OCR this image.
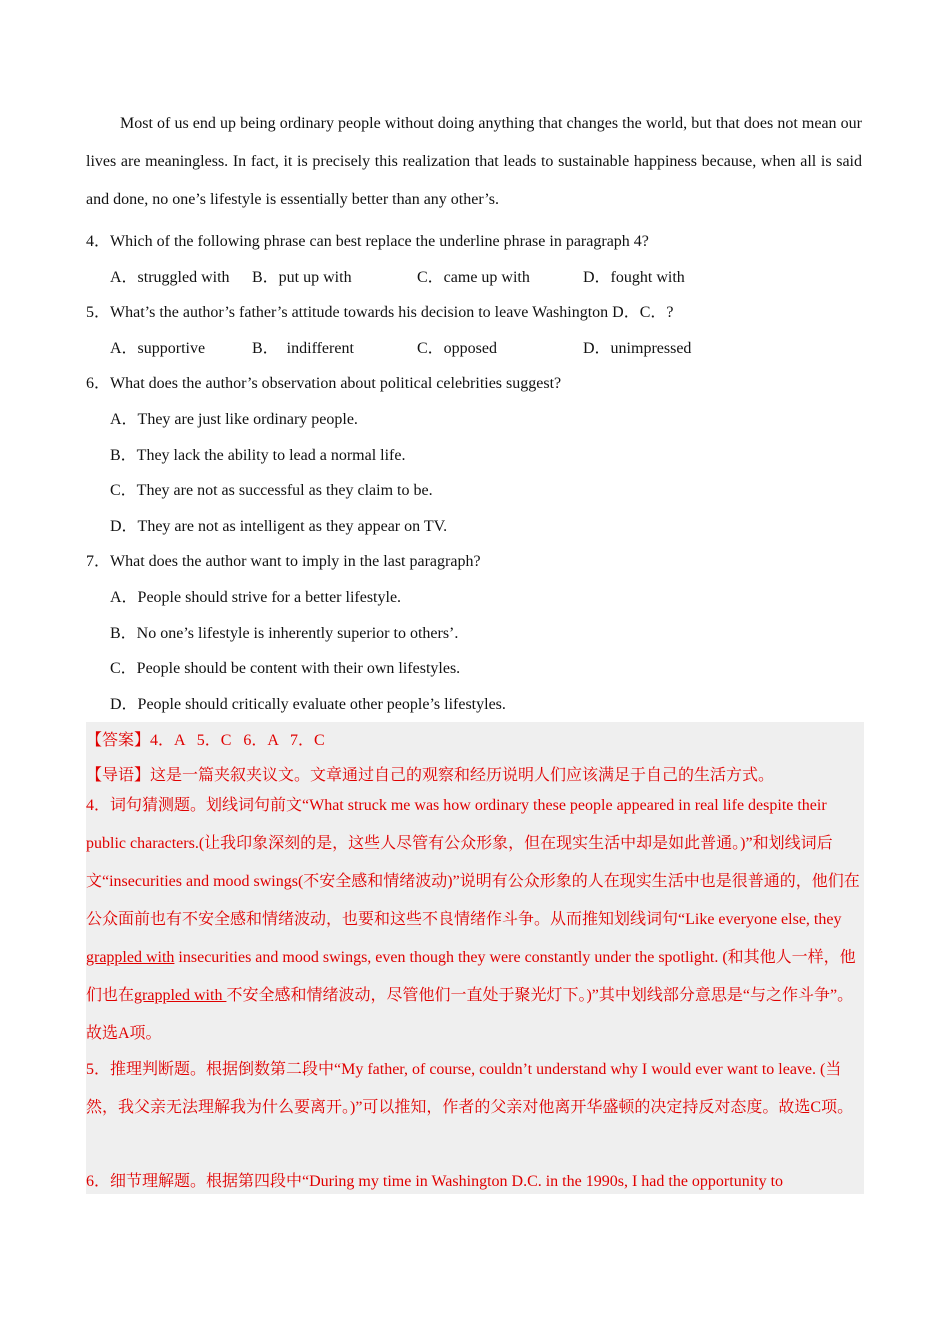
Most of us end up being ordinary people without doing anything that changes the world, but that does not mean our lives are meaningless. In fact, it is precisely this realization that leads to sustainable happiness because, when all is said and done, no one’s lifestyle is essentially better than any other’s.

4．Which of the following phrase can best replace the underline phrase in paragraph 4?
A．struggled with B．put up with	C．came up with	D．fought with
5．What’s the author’s father’s attitude towards his decision to leave Washington D．C．?
A．supportive	B．  indifferent	C．opposed	D．unimpressed
6．What does the author’s observation about political celebrities suggest?
A．They are just like ordinary people.
B．They lack the ability to lead a normal life.
C．They are not as successful as they claim to be.
D．They are not as intelligent as they appear on TV.
7．What does the author want to imply in the last paragraph?
A．People should strive for a better lifestyle.
B．No one’s lifestyle is inherently superior to others’.
C．People should be content with their own lifestyles.
D．People should critically evaluate other people’s lifestyles.
【答案】4．A   5．C   6．A   7．C
【导语】这是一篇夹叙夹议文。文章通过自己的观察和经历说明人们应该满足于自己的生活方式。

4．词句猜测题。划线词句前文“What struck me was how ordinary these people appeared in real life despite their public characters.(让我印象深刻的是，这些人尽管有公众形象，但在现实生活中却是如此普通。)”和划线词后文“insecurities and mood swings(不安全感和情绪波动)”说明有公众形象的人在现实生活中也是很普通的，他们在公众面前也有不安全感和情绪波动，也要和这些不良情绪作斗争。从而推知划线词句“Like everyone else, they grappled with insecurities and mood swings, even though they were constantly under the spotlight. (和其他人一样，他们也在grappled with 不安全感和情绪波动，尽管他们一直处于聚光灯下。)”其中划线部分意思是“与之作斗争”。故选A项。

5．推理判断题。根据倒数第二段中“My father, of course, couldn’t understand why I would ever want to leave. (当然，我父亲无法理解我为什么要离开。)”可以推知，作者的父亲对他离开华盛顿的决定持反对态度。故选C项。

6．细节理解题。根据第四段中“During my time in Washington D.C. in the 1990s, I had the opportunity to
